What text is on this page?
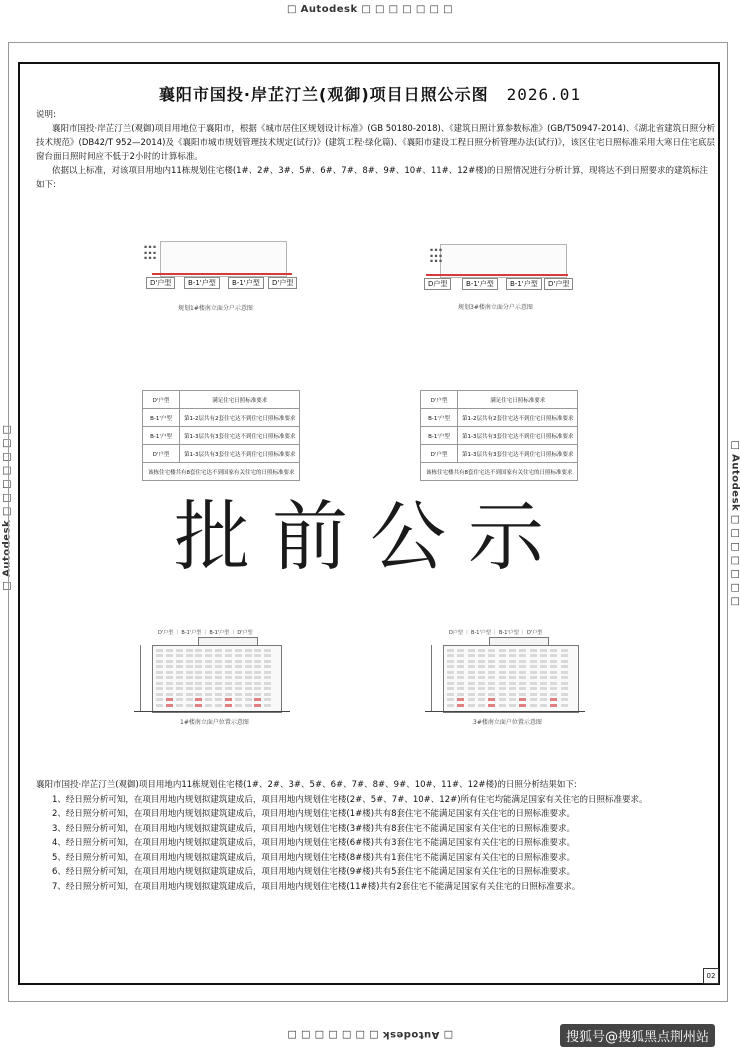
□ Autodesk □ □ □ □ □ □ □
□ Autodesk □ □ □ □ □ □ □	□ Autodesk □ □ □ □ □ □ □
□ Autodesk □ □ □ □ □ □ □
襄阳市国投·岸芷汀兰(观御)项目日照公示图 2026.01

说明:

襄阳市国投·岸芷汀兰(观御)项目用地位于襄阳市，根据《城市居住区规划设计标准》(GB 50180-2018)、《建筑日照计算参数标准》(GB/T50947-2014)、《湖北省建筑日照分析技术规范》(DB42/T 952—2014)及《襄阳市城市规划管理技术规定(试行)》(建筑工程·绿化篇)、《襄阳市建设工程日照分析管理办法(试行)》，该区住宅日照标准采用大寒日住宅底层窗台面日照时间应不低于2小时的计算标准。

依据以上标准，对该项目用地内11栋规划住宅楼(1#、2#、3#、5#、6#、7#、8#、9#、10#、11#、12#楼)的日照情况进行分析计算，现将达不到日照要求的建筑标注如下:

▪ ▪ ▪
▪ ▪ ▪
▪ ▪ ▪
D'户型	B-1'户型	B-1'户型	D'户型
规划1#楼南立面分户示意图
▪ ▪ ▪
▪ ▪ ▪
▪ ▪ ▪
D户型	B-1'户型	B-1'户型	D'户型
规划3#楼南立面分户示意图
D'户型	满足住宅日照标准要求
B-1'户型	第1-2层共有2套住宅达不到住宅日照标准要求
B-1'户型	第1-3层共有3套住宅达不到住宅日照标准要求
D'户型	第1-3层共有3套住宅达不到住宅日照标准要求
该栋住宅楼共有8套住宅达不到国家有关住宅的日照标准要求	
D'户型	满足住宅日照标准要求
B-1'户型	第1-2层共有2套住宅达不到住宅日照标准要求
B-1'户型	第1-3层共有3套住宅达不到住宅日照标准要求
D'户型	第1-3层共有3套住宅达不到住宅日照标准要求
该栋住宅楼共有8套住宅达不到国家有关住宅的日照标准要求	
批前公示
D'户型 ｜ B-1'户型 ｜ B-1'户型 ｜ D'户型
1#楼南立面户位置示意图
D户型 ｜ B-1'户型 ｜ B-1'户型 ｜ D'户型
3#楼南立面户位置示意图

襄阳市国投·岸芷汀兰(观御)项目用地内11栋规划住宅楼(1#、2#、3#、5#、6#、7#、8#、9#、10#、11#、12#楼)的日照分析结果如下:

1、经日照分析可知，在项目用地内规划拟建筑建成后，项目用地内规划住宅楼(2#、5#、7#、10#、12#)所有住宅均能满足国家有关住宅的日照标准要求。

2、经日照分析可知，在项目用地内规划拟建筑建成后，项目用地内规划住宅楼(1#楼)共有8套住宅不能满足国家有关住宅的日照标准要求。

3、经日照分析可知，在项目用地内规划拟建筑建成后，项目用地内规划住宅楼(3#楼)共有8套住宅不能满足国家有关住宅的日照标准要求。

4、经日照分析可知，在项目用地内规划拟建筑建成后，项目用地内规划住宅楼(6#楼)共有3套住宅不能满足国家有关住宅的日照标准要求。

5、经日照分析可知，在项目用地内规划拟建筑建成后，项目用地内规划住宅楼(8#楼)共有1套住宅不能满足国家有关住宅的日照标准要求。

6、经日照分析可知，在项目用地内规划拟建筑建成后，项目用地内规划住宅楼(9#楼)共有5套住宅不能满足国家有关住宅的日照标准要求。

7、经日照分析可知，在项目用地内规划拟建筑建成后，项目用地内规划住宅楼(11#楼)共有2套住宅不能满足国家有关住宅的日照标准要求。

02
搜狐号@搜狐黑点荆州站
